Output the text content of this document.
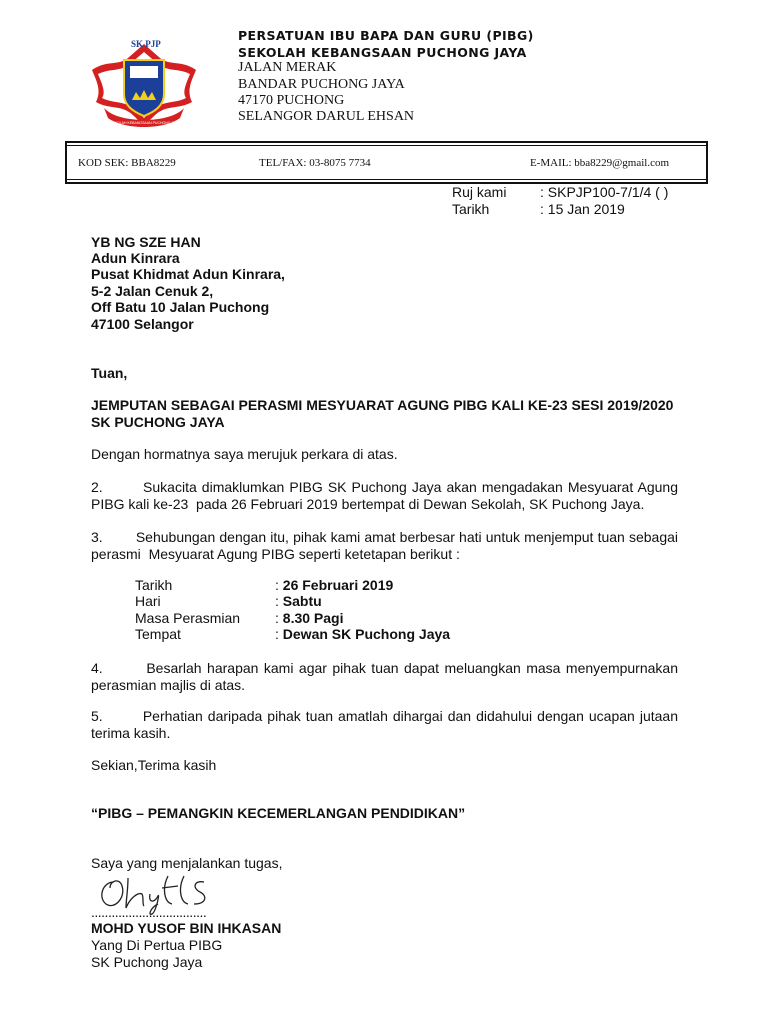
SK PJP
SEKOLAH KEBANGSAAN PUCHONG JAYA
PERSATUAN IBU BAPA DAN GURU (PIBG)
SEKOLAH KEBANGSAAN PUCHONG JAYA
JALAN MERAK
BANDAR PUCHONG JAYA
47170 PUCHONG
SELANGOR DARUL EHSAN
KOD SEK: BBA8229	TEL/FAX: 03-8075 7734	E-MAIL: bba8229@gmail.com
Ruj kami : SKPJP100-7/1/4 ( )
Tarikh	: 15 Jan 2019
YB NG SZE HAN
Adun Kinrara
Pusat Khidmat Adun Kinrara,
5-2 Jalan Cenuk 2,
Off Batu 10 Jalan Puchong
47100 Selangor
Tuan,
JEMPUTAN SEBAGAI PERASMI MESYUARAT AGUNG PIBG KALI KE-23 SESI 2019/2020
SK PUCHONG JAYA
Dengan hormatnya saya merujuk perkara di atas.
2.        Sukacita dimaklumkan PIBG SK Puchong Jaya akan mengadakan Mesyuarat Agung PIBG kali ke-23  pada 26 Februari 2019 bertempat di Dewan Sekolah, SK Puchong Jaya.
3.        Sehubungan dengan itu, pihak kami amat berbesar hati untuk menjemput tuan sebagai perasmi  Mesyuarat Agung PIBG seperti ketetapan berikut :
Tarikh	: 26 Februari 2019
Hari	: Sabtu
Masa Perasmian : 8.30 Pagi
Tempat	: Dewan SK Puchong Jaya
4.        Besarlah harapan kami agar pihak tuan dapat meluangkan masa menyempurnakan perasmian majlis di atas.
5.        Perhatian daripada pihak tuan amatlah dihargai dan didahului dengan ucapan jutaan terima kasih.
Sekian,Terima kasih
“PIBG – PEMANGKIN KECEMERLANGAN PENDIDIKAN”
Saya yang menjalankan tugas,
..................................
MOHD YUSOF BIN IHKASAN
Yang Di Pertua PIBG
SK Puchong Jaya
